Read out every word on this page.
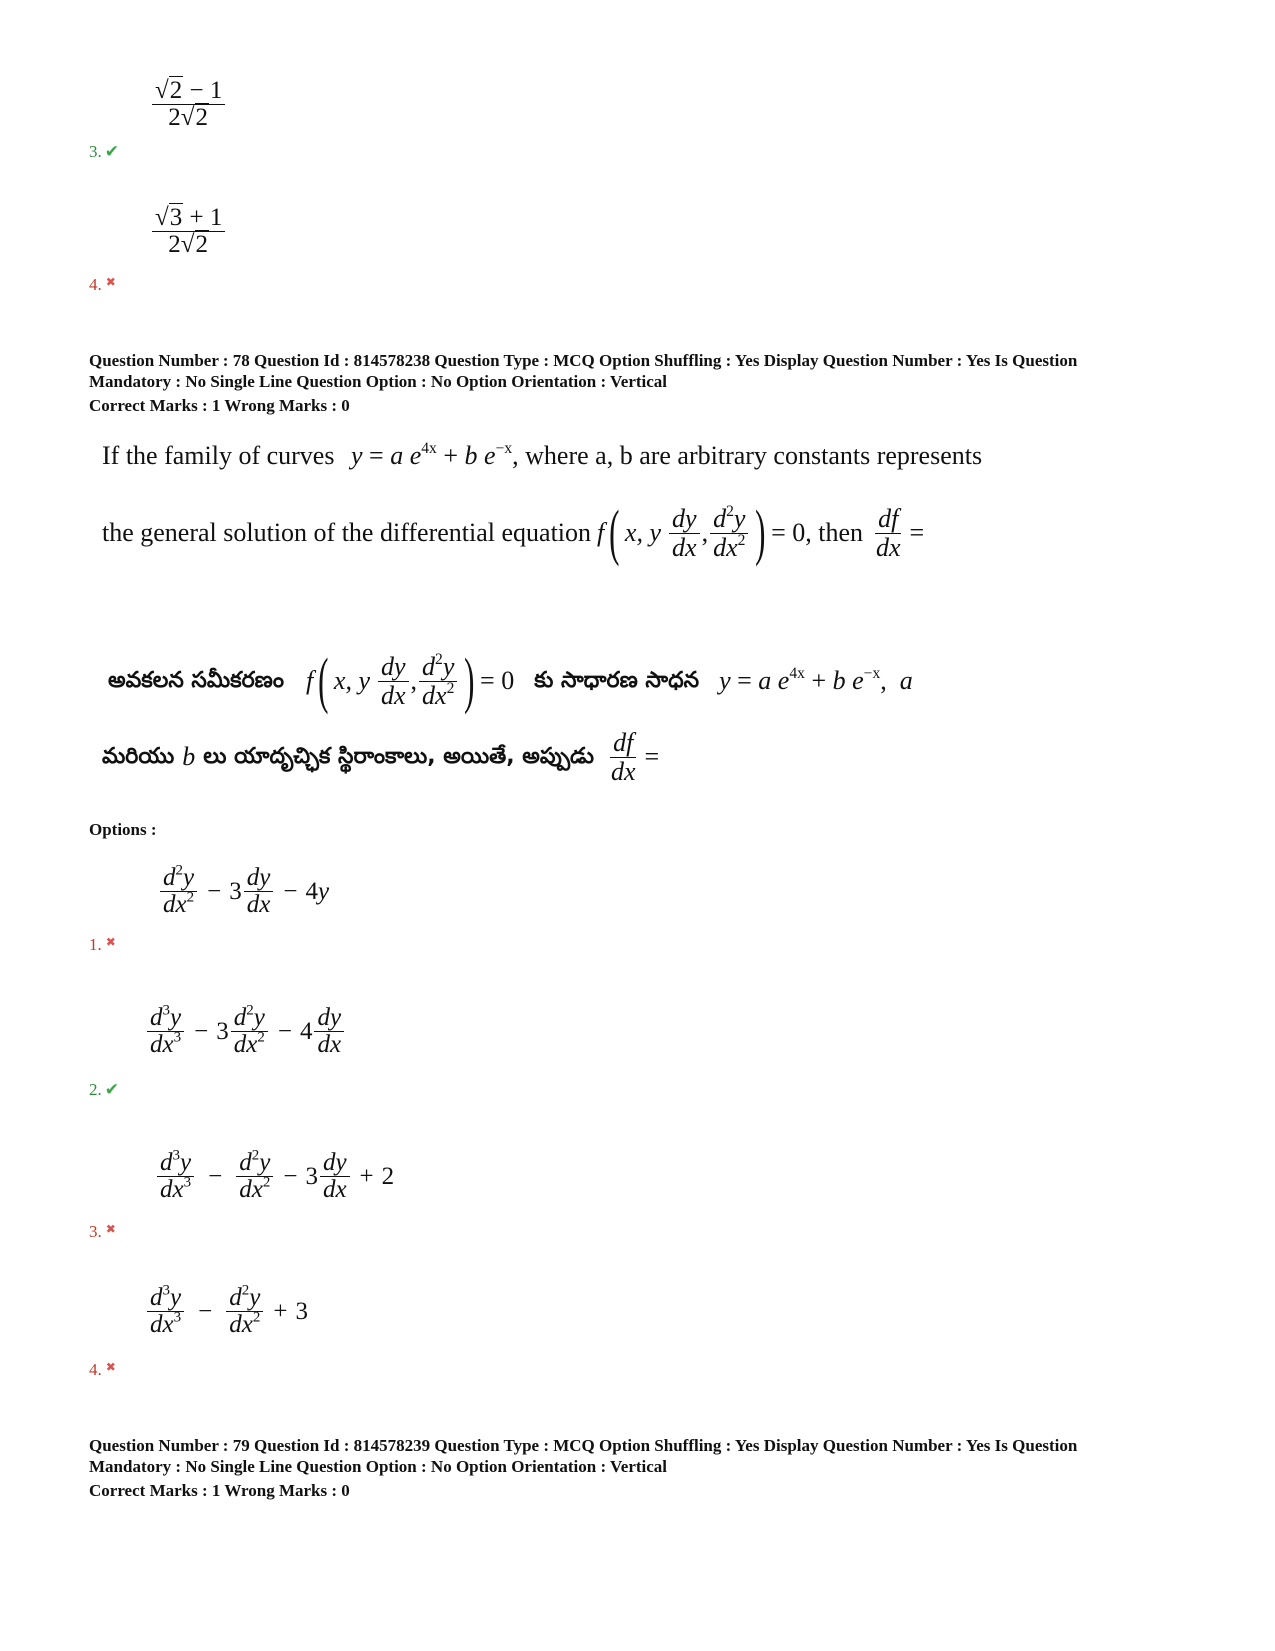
$\frac{√2 - 1}{2√2}$
3. ✔
$\frac{√3 + 1}{2√2}$
4. ✖
Question Number : 78 Question Id : 814578238 Question Type : MCQ Option Shuffling : Yes Display Question Number : Yes Is Question
Mandatory : No Single Line Question Option : No Option Orientation : Vertical
Correct Marks : 1 Wrong Marks : 0
If the family of curves y = a $e^{4x} + b$ $e^{-x}$, where a, b are arbitrary constants represents
the general solution of the differential equation f ( x, y $\frac{dy}{dx}$ , $\frac{d^2y}{dx^2}$ ) = 0 , then $\frac{df}{dx}$ =
అవకలన సమీకరణం f ( x, y $\frac{dy}{dx}$ , $\frac{d^2y}{dx^2}$ ) = 0 కు సాధారణ సాధన y = a $e^{4x} + b$ $e^{-x}$,  a
మరియు b లు యాదృచ్ఛిక స్థిరాంకాలు, అయితే, అప్పుడు $\frac{df}{dx}$ =
Options :
$\frac{d^2y}{dx^2} - 3 \frac{dy}{dx} - 4$ y
1. ✖
$\frac{d^3y}{dx^3} - 3 \frac{d^2y}{dx^2} - 4 \frac{dy}{dx}$
2. ✔
$\frac{d^3y}{dx^3} - \frac{d^2y}{dx^2} - 3 \frac{dy}{dx} + 2$
3. ✖
$\frac{d^3y}{dx^3} - \frac{d^2y}{dx^2} + 3$
4. ✖
Question Number : 79 Question Id : 814578239 Question Type : MCQ Option Shuffling : Yes Display Question Number : Yes Is Question
Mandatory : No Single Line Question Option : No Option Orientation : Vertical
Correct Marks : 1 Wrong Marks : 0
